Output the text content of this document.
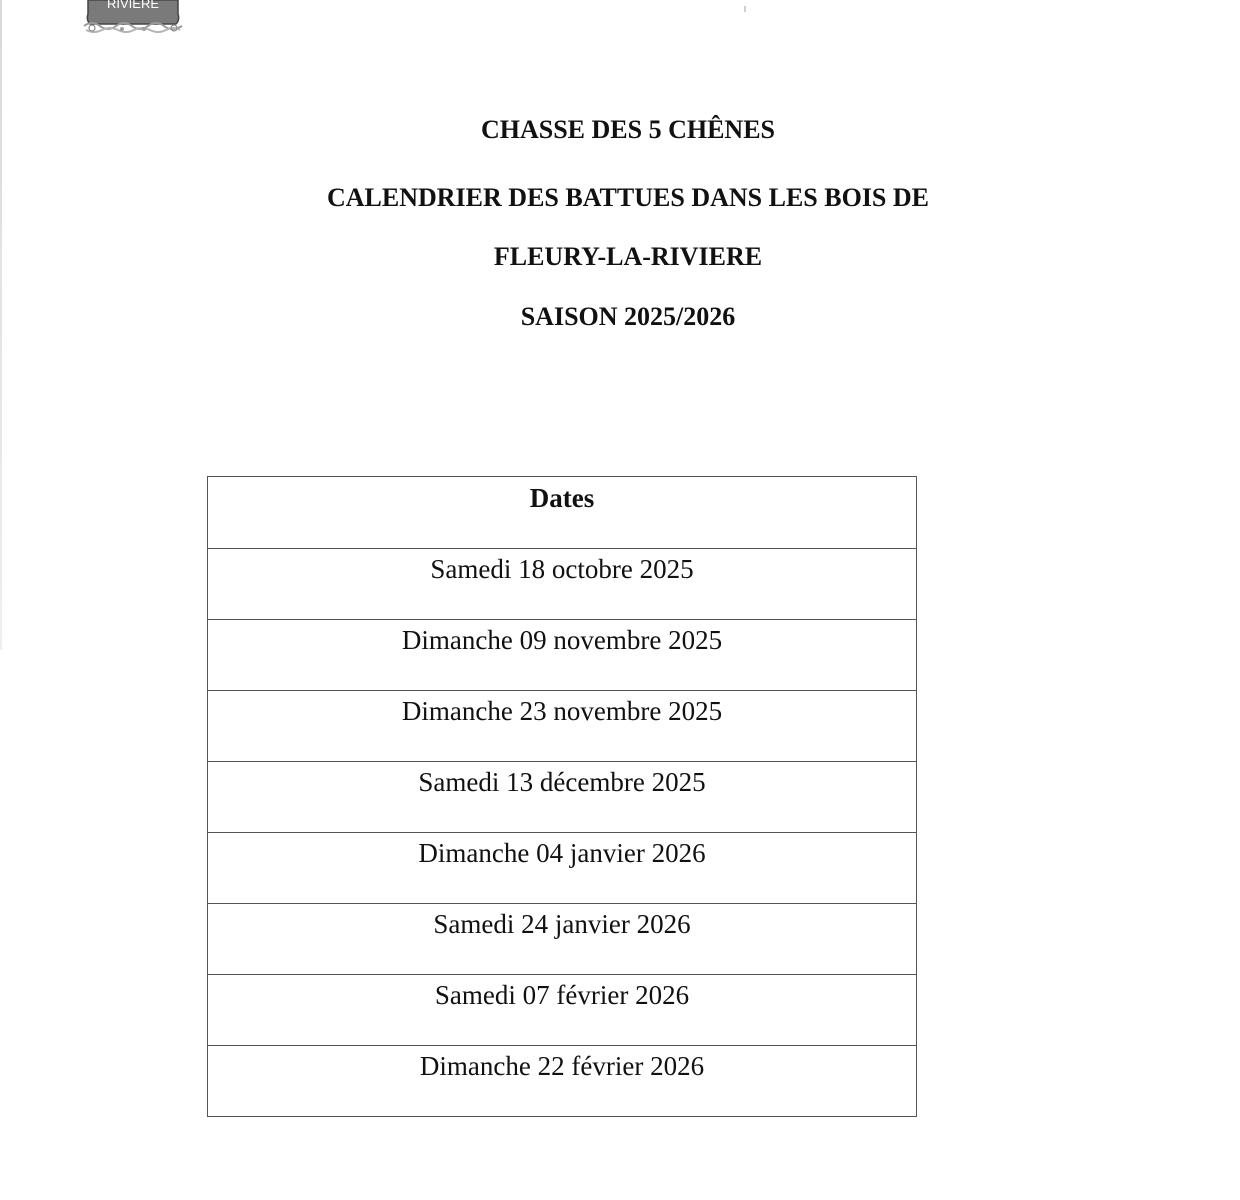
RIVIERE
CHASSE DES 5 CHÊNES
CALENDRIER DES BATTUES DANS LES BOIS DE
FLEURY-LA-RIVIERE
SAISON 2025/2026
Dates

Samedi 18 octobre 2025

Dimanche 09 novembre 2025

Dimanche 23 novembre 2025

Samedi 13 décembre 2025

Dimanche 04 janvier 2026

Samedi 24 janvier 2026

Samedi 07 février 2026

Dimanche 22 février 2026
